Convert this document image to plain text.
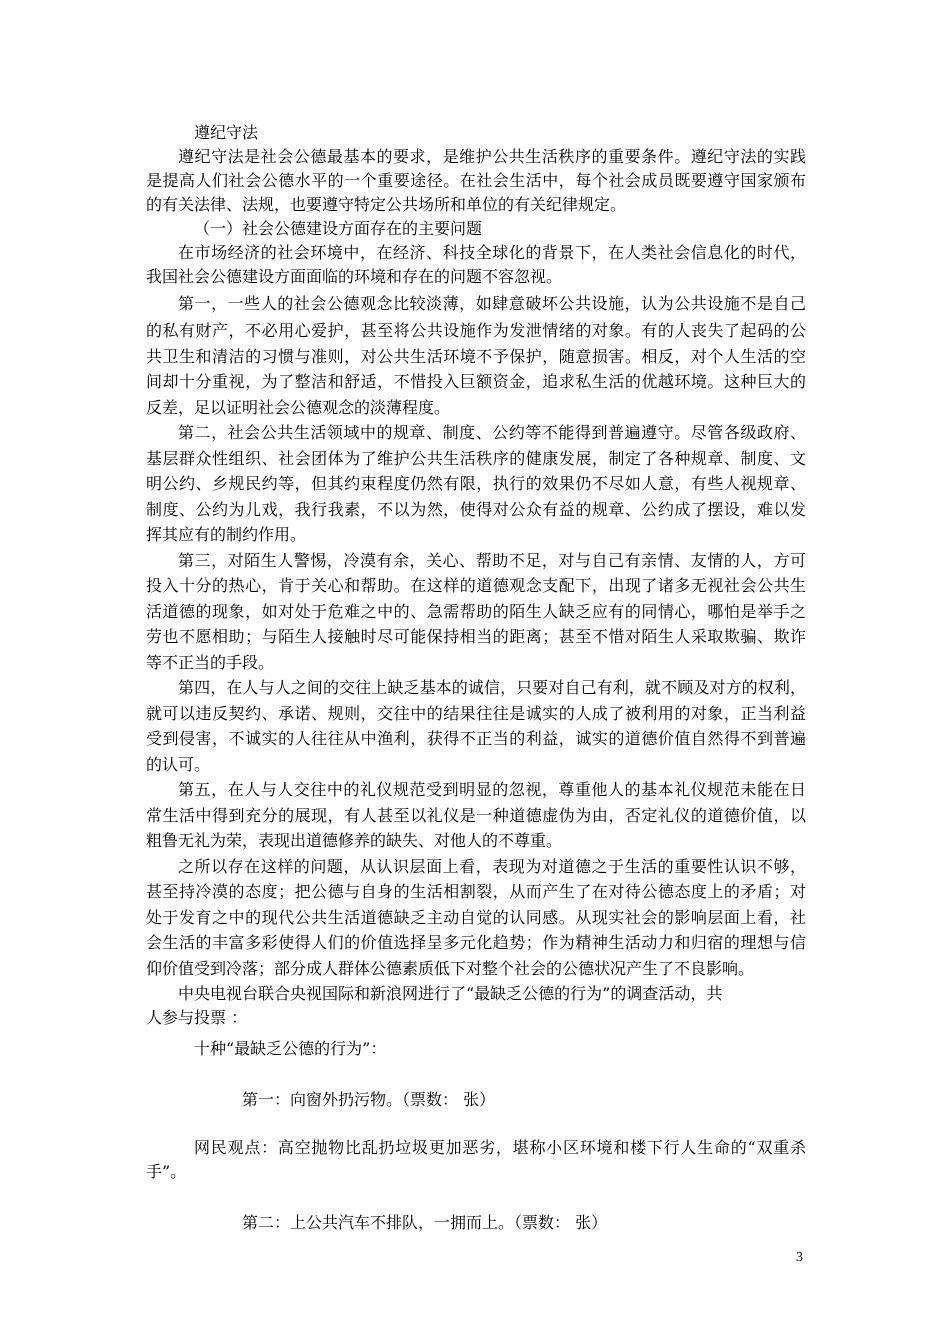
遵纪守法
遵纪守法是社会公德最基本的要求，是维护公共生活秩序的重要条件。遵纪守法的实践
是提高人们社会公德水平的一个重要途径。在社会生活中，每个社会成员既要遵守国家颁布
的有关法律、法规，也要遵守特定公共场所和单位的有关纪律规定。
（一）社会公德建设方面存在的主要问题
在市场经济的社会环境中，在经济、科技全球化的背景下，在人类社会信息化的时代，
我国社会公德建设方面面临的环境和存在的问题不容忽视。
第一，一些人的社会公德观念比较淡薄，如肆意破坏公共设施，认为公共设施不是自己
的私有财产，不必用心爱护，甚至将公共设施作为发泄情绪的对象。有的人丧失了起码的公
共卫生和清洁的习惯与准则，对公共生活环境不予保护，随意损害。相反，对个人生活的空
间却十分重视，为了整洁和舒适，不惜投入巨额资金，追求私生活的优越环境。这种巨大的
反差，足以证明社会公德观念的淡薄程度。
第二，社会公共生活领域中的规章、制度、公约等不能得到普遍遵守。尽管各级政府、
基层群众性组织、社会团体为了维护公共生活秩序的健康发展，制定了各种规章、制度、文
明公约、乡规民约等，但其约束程度仍然有限，执行的效果仍不尽如人意，有些人视规章、
制度、公约为儿戏，我行我素，不以为然，使得对公众有益的规章、公约成了摆设，难以发
挥其应有的制约作用。
第三，对陌生人警惕，冷漠有余，关心、帮助不足，对与自己有亲情、友情的人，方可
投入十分的热心，肯于关心和帮助。在这样的道德观念支配下，出现了诸多无视社会公共生
活道德的现象，如对处于危难之中的、急需帮助的陌生人缺乏应有的同情心，哪怕是举手之
劳也不愿相助；与陌生人接触时尽可能保持相当的距离；甚至不惜对陌生人采取欺骗、欺诈
等不正当的手段。
第四，在人与人之间的交往上缺乏基本的诚信，只要对自己有利，就不顾及对方的权利，
就可以违反契约、承诺、规则，交往中的结果往往是诚实的人成了被利用的对象，正当利益
受到侵害，不诚实的人往往从中渔利，获得不正当的利益，诚实的道德价值自然得不到普遍
的认可。
第五，在人与人交往中的礼仪规范受到明显的忽视，尊重他人的基本礼仪规范未能在日
常生活中得到充分的展现，有人甚至以礼仪是一种道德虚伪为由，否定礼仪的道德价值，以
粗鲁无礼为荣，表现出道德修养的缺失、对他人的不尊重。
之所以存在这样的问题，从认识层面上看，表现为对道德之于生活的重要性认识不够，
甚至持冷漠的态度；把公德与自身的生活相割裂，从而产生了在对待公德态度上的矛盾；对
处于发育之中的现代公共生活道德缺乏主动自觉的认同感。从现实社会的影响层面上看，社
会生活的丰富多彩使得人们的价值选择呈多元化趋势；作为精神生活动力和归宿的理想与信
仰价值受到冷落；部分成人群体公德素质低下对整个社会的公德状况产生了不良影响。
中央电视台联合央视国际和新浪网进行了“最缺乏公德的行为”的调查活动，共
人参与投票 ：
十种“最缺乏公德的行为”：
第一：向窗外扔污物。（票数： 张）
网民观点：高空抛物比乱扔垃圾更加恶劣，堪称小区环境和楼下行人生命的“双重杀
手”。
第二：上公共汽车不排队，一拥而上。（票数： 张）
3
